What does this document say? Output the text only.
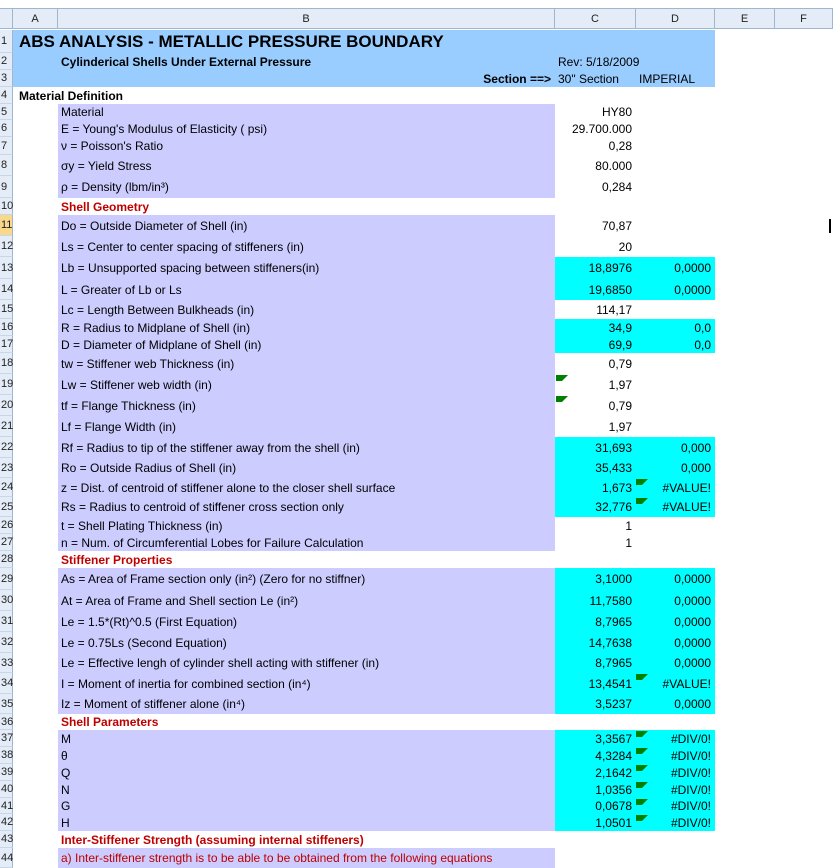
A	B	C	D	E	F
1
2
3
4
5
6
7
8
9
10
11
12
13
14
15
16
17
18
19
20
21
22
23
24
25
26
27
28
29
30
31
32
33
34
35
36
37
38
39
40
41
42
43
44
ABS ANALYSIS - METALLIC PRESSURE BOUNDARY
Cylinderical Shells Under External Pressure	Rev: 5/18/2009
Section ==> 30" Section	IMPERIAL
Material Definition
Shell Geometry
Stiffener Properties
Shell Parameters
Inter-Stiffener Strength (assuming internal stiffeners)
a) Inter-stiffener strength is to be able to be obtained from the following equations
Material	HY80
E = Young's Modulus of Elasticity ( psi)	29.700.000
ν = Poisson's Ratio	0,28
σy = Yield Stress	80.000
ρ = Density (lbm/in³)	0,284
Do = Outside Diameter of Shell (in)	70,87
Ls = Center to center spacing of stiffeners (in)	20
Lb = Unsupported spacing between stiffeners(in)	18,8976	0,0000
L = Greater of Lb or Ls	19,6850	0,0000
Lc = Length Between Bulkheads (in)	114,17
R = Radius to Midplane of Shell (in)	34,9	0,0
D = Diameter of Midplane of Shell (in)	69,9	0,0
tw = Stiffener web Thickness (in)	0,79
Lw = Stiffener web width (in)	1,97
tf = Flange Thickness (in)	0,79
Lf = Flange Width (in)	1,97
Rf = Radius to tip of the stiffener away from the shell (in)	31,693	0,000
Ro = Outside Radius of Shell (in)	35,433	0,000
z = Dist. of centroid of stiffener alone to the closer shell surface	1,673	#VALUE!
Rs = Radius to centroid of stiffener cross section only	32,776	#VALUE!
t = Shell Plating Thickness (in)	1
n = Num. of Circumferential Lobes for Failure Calculation	1
As = Area of Frame section only (in²) (Zero for no stiffner)	3,1000	0,0000
At = Area of Frame and Shell section Le (in²)	11,7580	0,0000
Le = 1.5*(Rt)^0.5 (First Equation)	8,7965	0,0000
Le = 0.75Ls (Second Equation)	14,7638	0,0000
Le = Effective lengh of cylinder shell acting with stiffener (in)	8,7965	0,0000
I = Moment of inertia for combined section (in⁴)	13,4541	#VALUE!
Iz = Moment of stiffener alone (in⁴)	3,5237	0,0000
M	3,3567	#DIV/0!
θ	4,3284	#DIV/0!
Q	2,1642	#DIV/0!
N	1,0356	#DIV/0!
G	0,0678	#DIV/0!
H	1,0501	#DIV/0!
